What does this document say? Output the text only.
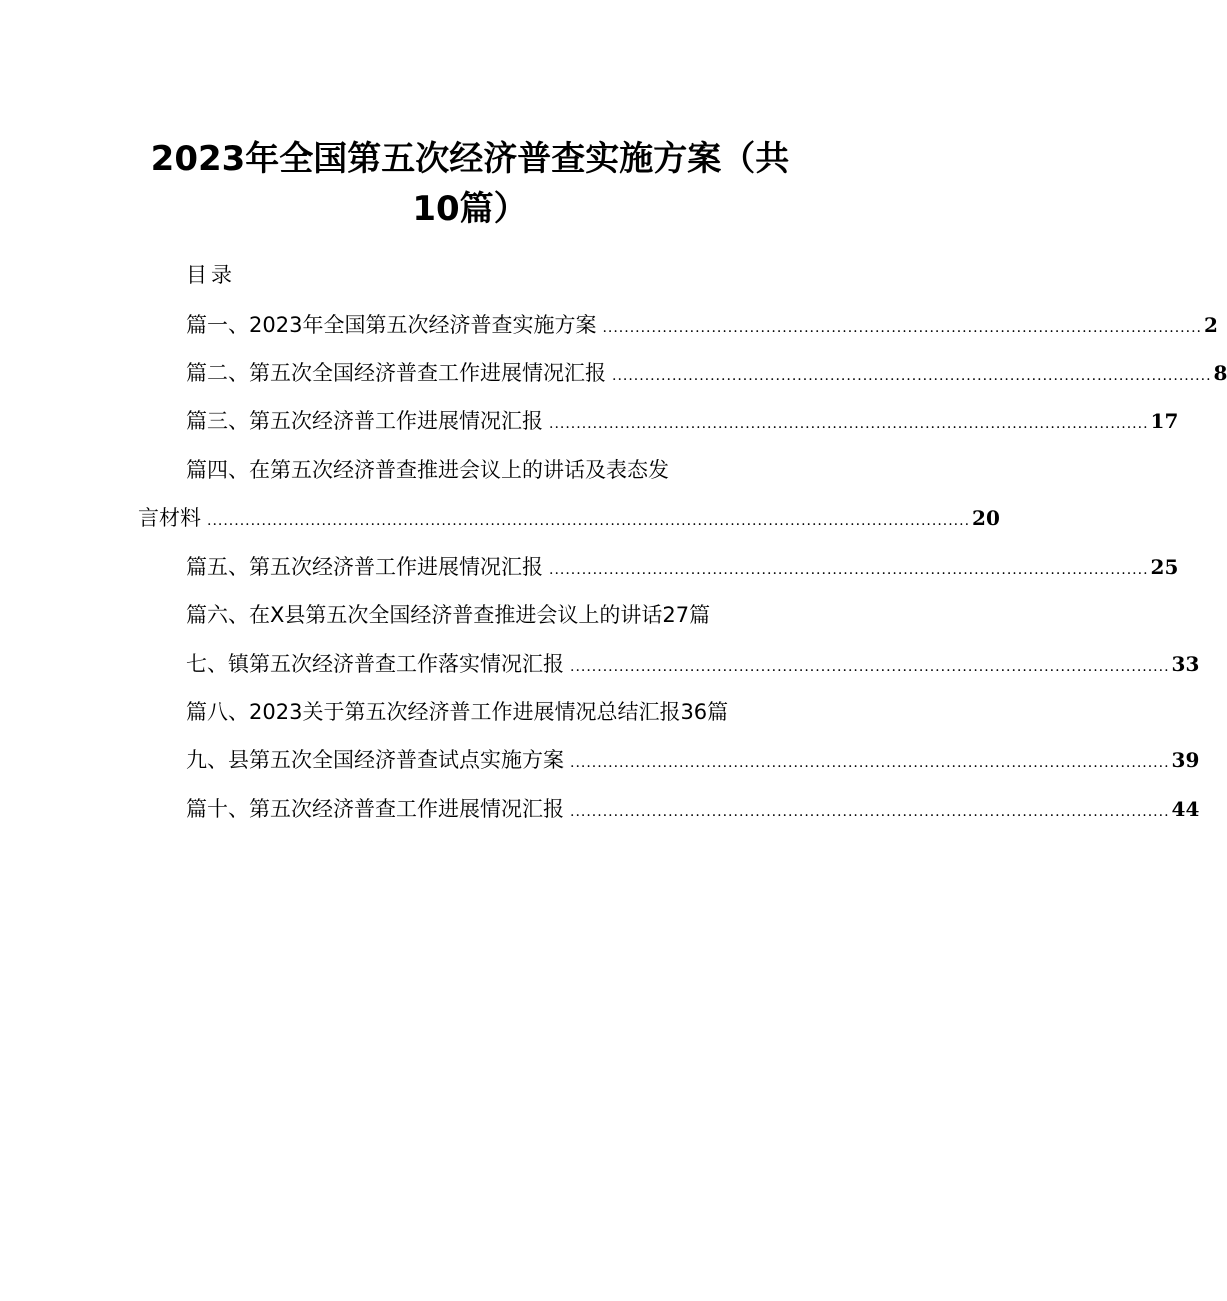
2023年全国第五次经济普查实施方案（共
10篇）
目录
篇一、2023年全国第五次经济普查实施方案 .............................................................................................................. 2
篇二、第五次全国经济普查工作进展情况汇报 .............................................................................................................. 8
篇三、第五次经济普工作进展情况汇报 .............................................................................................................. 17
篇四、在第五次经济普查推进会议上的讲话及表态发
言材料 ............................................................................................................................................ 20
篇五、第五次经济普工作进展情况汇报 .............................................................................................................. 25
篇六、在X县第五次全国经济普查推进会议上的讲话27篇
七、镇第五次经济普查工作落实情况汇报 .............................................................................................................. 33
篇八、2023关于第五次经济普工作进展情况总结汇报36篇
九、县第五次全国经济普查试点实施方案 .............................................................................................................. 39
篇十、第五次经济普查工作进展情况汇报 .............................................................................................................. 44
